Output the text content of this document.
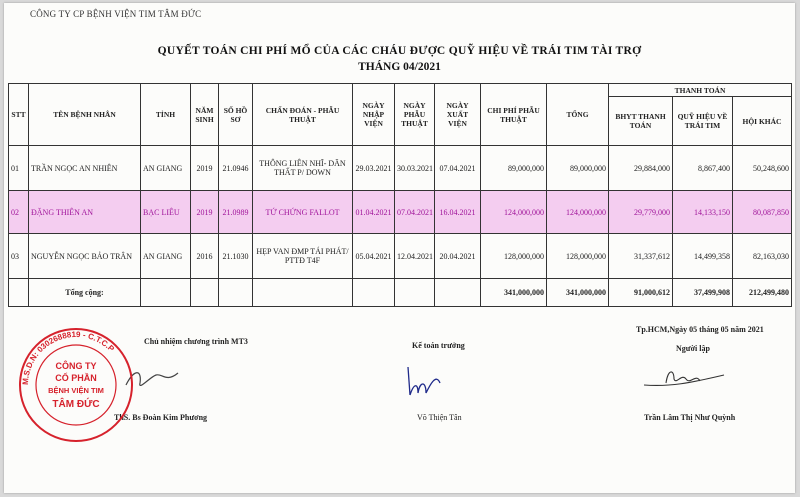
CÔNG TY CP BỆNH VIỆN TIM TÂM ĐỨC
QUYẾT TOÁN CHI PHÍ MỔ CỦA CÁC CHÁU ĐƯỢC QUỸ HIỆU VỀ TRÁI TIM TÀI TRỢ
THÁNG 04/2021
STT	TÊN BỆNH NHÂN	TỈNH	NĂM SINH	SỐ HỒ SƠ	CHẨN ĐOÁN - PHẪU THUẬT	NGÀY NHẬP VIỆN	NGÀY PHẪU THUẬT	NGÀY XUẤT VIỆN	CHI PHÍ PHẪU THUẬT	TỔNG	THANH TOÁN		
											BHYT THANH TOÁN	QUỸ HIỆU VỀ TRÁI TIM	HỘI KHÁC
01	TRẦN NGỌC AN NHIÊN	AN GIANG	2019	21.0946	THÔNG LIÊN NHĨ- DÃN THẤT P/ DOWN	29.03.2021	30.03.2021	07.04.2021	89,000,000	89,000,000	29,884,000	8,867,400	50,248,600
02	ĐẶNG THIÊN AN	BẠC LIÊU	2019	21.0989	TỨ CHỨNG FALLOT	01.04.2021	07.04.2021	16.04.2021	124,000,000	124,000,000	29,779,000	14,133,150	80,087,850
03	NGUYỄN NGỌC BẢO TRÂN	AN GIANG	2016	21.1030	HẸP VAN ĐMP TÁI PHÁT/ PTTĐ T4F	05.04.2021	12.04.2021	20.04.2021	128,000,000	128,000,000	31,337,612	14,499,358	82,163,030
	Tổng cộng:								341,000,000	341,000,000	91,000,612	37,499,908	212,499,480
Chủ nhiệm chương trình MT3
ThS. Bs Đoàn Kim Phương
Kế toán trưởng
Võ Thiện Tân
Tp.HCM,Ngày 05 tháng 05 năm 2021
Người lập
Trần Lâm Thị Như Quỳnh
M.S.D.N: 0302688819 - C.T.C.P
CÔNG TY
CỔ PHẦN
BỆNH VIỆN TIM
TÂM ĐỨC
